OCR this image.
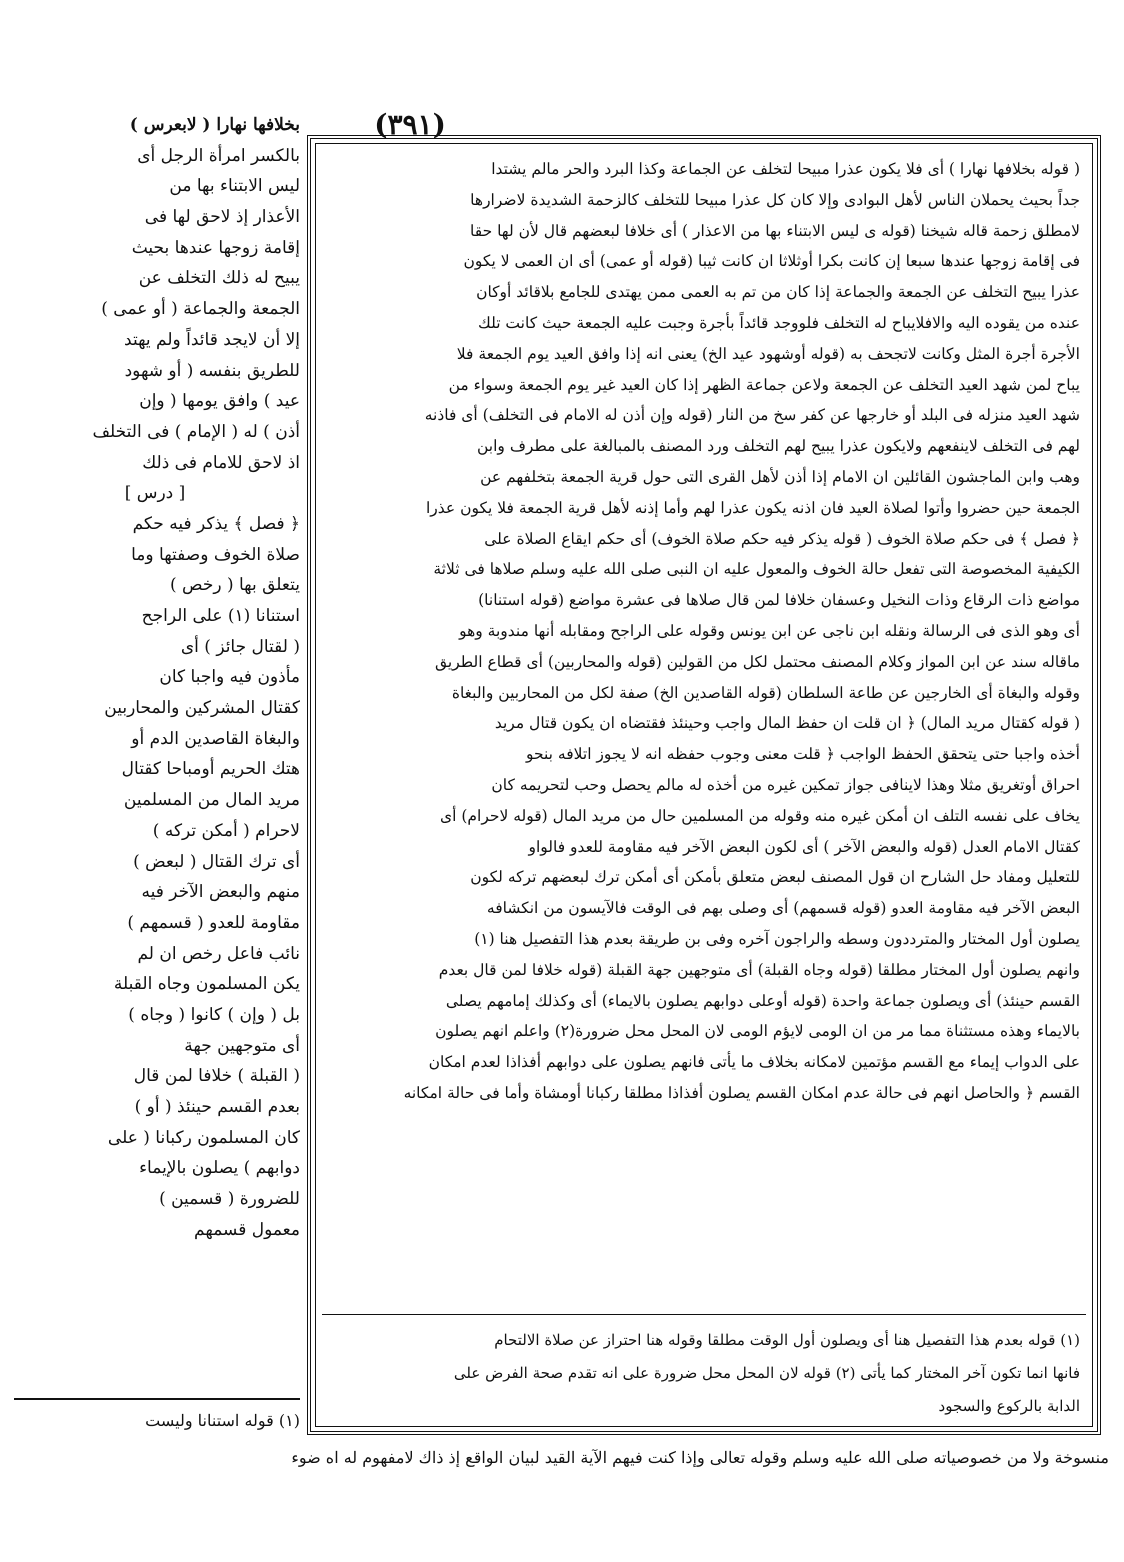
(٣٩١)

بخلافها نهارا ( لابعرس )

بالكسر امرأة الرجل أى

ليس الابتناء بها من

الأعذار إذ لاحق لها فى

إقامة زوجها عندها بحيث

يبيح له ذلك التخلف عن

الجمعة والجماعة ( أو عمى )

إلا أن لايجد قائداً ولم يهتد

للطريق بنفسه ( أو شهود

عيد ) وافق يومها ( وإن

أذن ) له ( الإمام ) فى التخلف

اذ لاحق للامام فى ذلك

[ درس ]

﴿ فصل ﴾ يذكر فيه حكم

صلاة الخوف وصفتها وما

يتعلق بها ( رخص )

استنانا (١) على الراجح

( لقتال جائز ) أى

مأذون فيه واجبا كان

كقتال المشركين والمحاربين

والبغاة القاصدين الدم أو

هتك الحريم أومباحا كقتال

مريد المال من المسلمين

لاحرام ( أمكن تركه )

أى ترك القتال ( لبعض )

منهم والبعض الآخر فيه

مقاومة للعدو ( قسمهم )

نائب فاعل رخص ان لم

يكن المسلمون وجاه القبلة

بل ( وإن ) كانوا ( وجاه )

أى متوجهين جهة

( القبلة ) خلافا لمن قال

بعدم القسم حينئذ ( أو )

كان المسلمون ركبانا ( على

دوابهم ) يصلون بالإيماء

للضرورة ( قسمين )

معمول قسمهم

(١) قوله استنانا وليست

( قوله بخلافها نهارا ) أى فلا يكون عذرا مبيحا لتخلف عن الجماعة وكذا البرد والحر مالم يشتدا

جداً بحيث يحملان الناس لأهل البوادى وإلا كان كل عذرا مبيحا للتخلف كالزحمة الشديدة لاضرارها

لامطلق زحمة قاله شيخنا (قوله ى ليس الابتناء بها من الاعذار ) أى خلافا لبعضهم قال لأن لها حقا

فى إقامة زوجها عندها سبعا إن كانت بكرا أوثلاثا ان كانت ثيبا (قوله أو عمى) أى ان العمى لا يكون

عذرا يبيح التخلف عن الجمعة والجماعة إذا كان من تم به العمى ممن يهتدى للجامع بلاقائد أوكان

عنده من يقوده اليه والافلايباح له التخلف فلووجد قائداً بأجرة وجبت عليه الجمعة حيث كانت تلك

الأجرة أجرة المثل وكانت لاتجحف به (قوله أوشهود عيد الخ) يعنى انه إذا وافق العيد يوم الجمعة فلا

يباح لمن شهد العيد التخلف عن الجمعة ولاعن جماعة الظهر إذا كان العيد غير يوم الجمعة وسواء من

شهد العيد منزله فى البلد أو خارجها عن كفر سخ من النار (قوله وإن أذن له الامام فى التخلف) أى فاذنه

لهم فى التخلف لاينفعهم ولايكون عذرا يبيح لهم التخلف ورد المصنف بالمبالغة على مطرف وابن

وهب وابن الماجشون القائلين ان الامام إذا أذن لأهل القرى التى حول قرية الجمعة بتخلفهم عن

الجمعة حين حضروا وأتوا لصلاة العيد فان اذنه يكون عذرا لهم وأما إذنه لأهل قرية الجمعة فلا يكون عذرا

﴿ فصل ﴾ فى حكم صلاة الخوف ( قوله يذكر فيه حكم صلاة الخوف) أى حكم ايقاع الصلاة على

الكيفية المخصوصة التى تفعل حالة الخوف والمعول عليه ان النبى صلى الله عليه وسلم صلاها فى ثلاثة

مواضع ذات الرقاع وذات النخيل وعسفان خلافا لمن قال صلاها فى عشرة مواضع (قوله استنانا)

أى وهو الذى فى الرسالة ونقله ابن ناجى عن ابن يونس وقوله على الراجح ومقابله أنها مندوبة وهو

ماقاله سند عن ابن المواز وكلام المصنف محتمل لكل من القولين (قوله والمحاربين) أى قطاع الطريق

وقوله والبغاة أى الخارجين عن طاعة السلطان (قوله القاصدين الخ) صفة لكل من المحاربين والبغاة

( قوله كقتال مريد المال) ﴿ ان قلت ان حفظ المال واجب وحينئذ فقتضاه ان يكون قتال مريد

أخذه واجبا حتى يتحقق الحفظ الواجب ﴿ قلت معنى وجوب حفظه انه لا يجوز اتلافه بنحو

احراق أوتغريق مثلا وهذا لاينافى جواز تمكين غيره من أخذه له مالم يحصل وحب لتحريمه كان

يخاف على نفسه التلف ان أمكن غيره منه وقوله من المسلمين حال من مريد المال (قوله لاحرام) أى

كقتال الامام العدل (قوله والبعض الآخر ) أى لكون البعض الآخر فيه مقاومة للعدو فالواو

للتعليل ومفاد حل الشارح ان قول المصنف لبعض متعلق بأمكن أى أمكن ترك لبعضهم تركه لكون

البعض الآخر فيه مقاومة العدو (قوله قسمهم) أى وصلى بهم فى الوقت فالآيسون من انكشافه

يصلون أول المختار والمترددون وسطه والراجون آخره وفى بن طريقة بعدم هذا التفصيل هنا (١)

وانهم يصلون أول المختار مطلقا (قوله وجاه القبلة) أى متوجهين جهة القبلة (قوله خلافا لمن قال بعدم

القسم حينئذ) أى ويصلون جماعة واحدة (قوله أوعلى دوابهم يصلون بالايماء) أى وكذلك إمامهم يصلى

بالايماء وهذه مستثناة مما مر من ان الومى لايؤم الومى لان المحل محل ضرورة(٢) واعلم انهم يصلون

على الدواب إيماء مع القسم مؤتمين لامكانه بخلاف ما يأتى فانهم يصلون على دوابهم أفذاذا لعدم امكان

القسم ﴿ والحاصل انهم فى حالة عدم امكان القسم يصلون أفذاذا مطلقا ركبانا أومشاة وأما فى حالة امكانه

(١) قوله بعدم هذا التفصيل هنا أى ويصلون أول الوقت مطلقا وقوله هنا احتراز عن صلاة الالتحام

فانها انما تكون آخر المختار كما يأتى (٢) قوله لان المحل محل ضرورة على انه تقدم صحة الفرض على

الدابة بالركوع والسجود

منسوخة ولا من خصوصياته صلى الله عليه وسلم وقوله تعالى وإذا كنت فيهم الآية القيد لبيان الواقع إذ ذاك لامفهوم له اه ضوء
